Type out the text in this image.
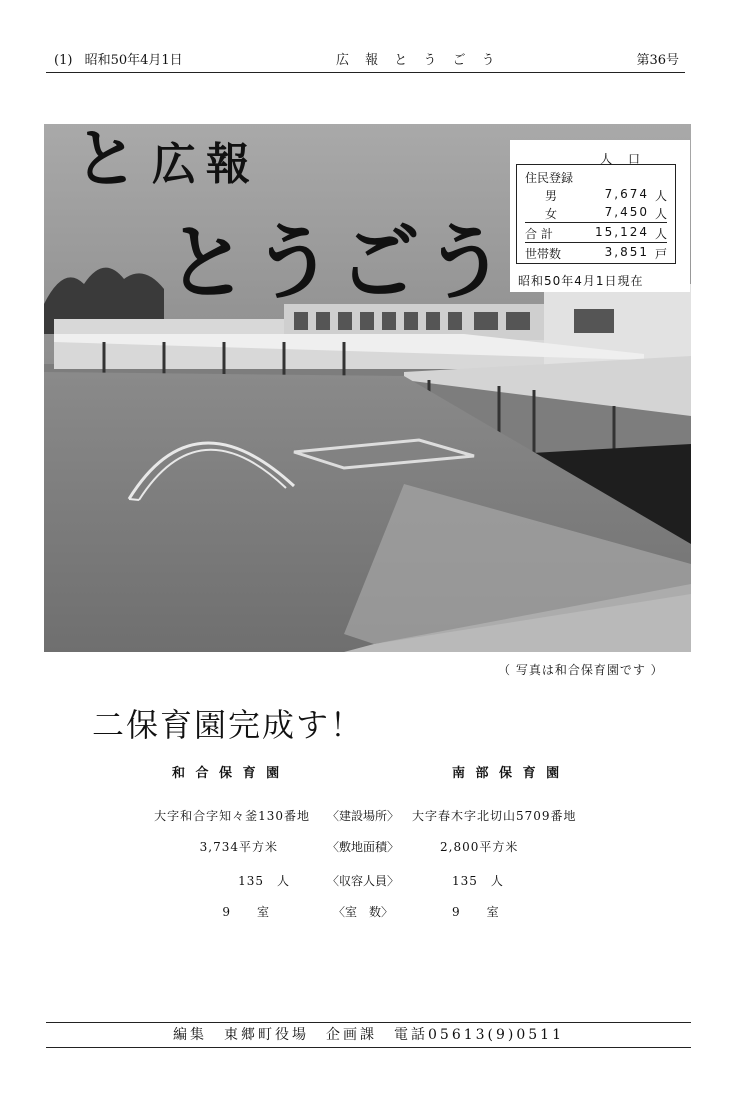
(1) 昭和50年4月1日	広 報 と う ご う	第36号
と 広報
とうごう
人 口
住民登録
男	7,674 人
女	7,450 人
合 計	15,124 人
世帯数	3,851 戸
昭和50年4月1日現在
（ 写真は和合保育園です ）
二保育園完成す！
和 合 保 育 園	南 部 保 育 園
大字和合字知々釜130番地	〈建設場所〉	大字春木字北切山5709番地
3,734平方米	〈敷地面積〉	2,800平方米
135　人	〈収容人員〉	135　人
9　　室	〈室　数〉	9　　室
編集　東郷町役場　企画課　電話05613(9)0511
